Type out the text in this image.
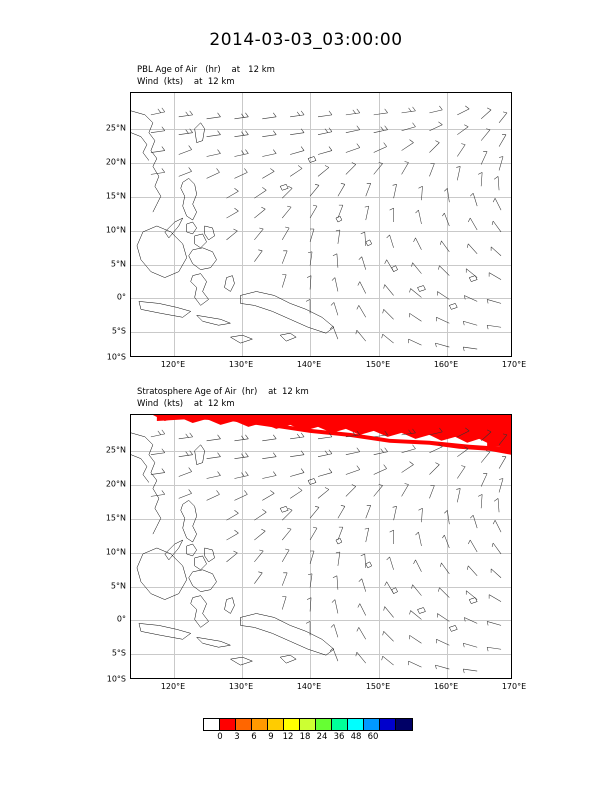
2014-03-03_03:00:00
PBL Age of Air   (hr)    at   12 km
Wind  (kts)    at  12 km
25°N
20°N
15°N
10°N
5°N
0°
5°S
10°S
120°E	130°E	140°E	150°E	160°E	170°E
Stratosphere Age of Air  (hr)    at  12 km
Wind  (kts)    at  12 km
25°N
20°N
15°N
10°N
5°N
0°
5°S
10°S
120°E	130°E	140°E	150°E	160°E	170°E
0	3	6	9	12 18 24 36 48 60
